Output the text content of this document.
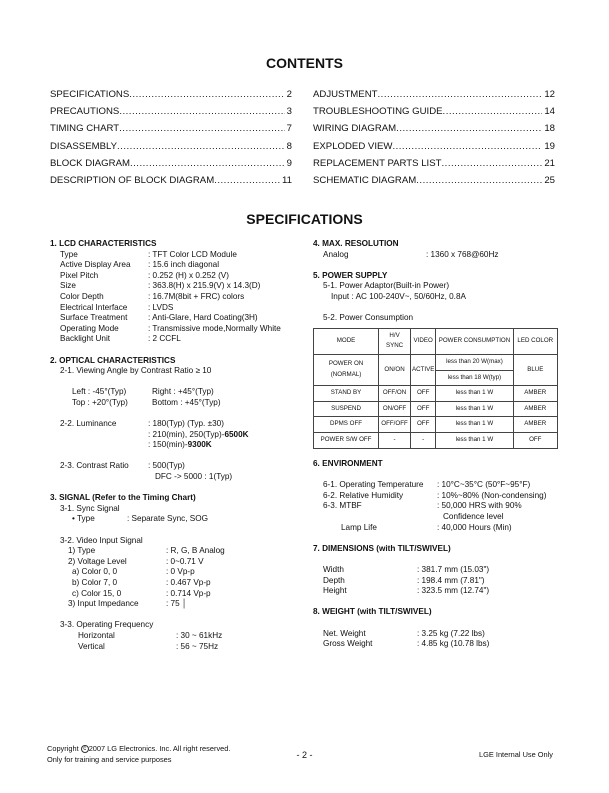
CONTENTS
SPECIFICATIONS .....	2
PRECAUTIONS .....	3
TIMING CHART .....	7
DISASSEMBLY .....	8
BLOCK DIAGRAM .....	9
DESCRIPTION OF BLOCK DIAGRAM .....	11
ADJUSTMENT .....	12
TROUBLESHOOTING GUIDE .....	14
WIRING DIAGRAM .....	18
EXPLODED VIEW .....	19
REPLACEMENT PARTS LIST .....	21
SCHEMATIC DIAGRAM .....	25
SPECIFICATIONS
1. LCD CHARACTERISTICS
Type	: TFT Color LCD Module
Active Display Area	: 15.6 inch diagonal
Pixel Pitch	: 0.252 (H) x 0.252 (V)
Size	: 363.8(H) x 215.9(V) x 14.3(D)
Color Depth	: 16.7M(8bit + FRC) colors
Electrical Interface	: LVDS
Surface Treatment	: Anti-Glare, Hard Coating(3H)
Operating Mode	: Transmissive mode,Normally White
Backlight Unit	: 2 CCFL
2. OPTICAL CHARACTERISTICS
2-1. Viewing Angle by Contrast Ratio ≥ 10
Left : -45°(Typ)	Right : +45°(Typ)
Top : +20°(Typ)	Bottom : +45°(Typ)
2-2. Luminance	: 180(Typ) (Typ. ±30)
: 210(min), 250(Typ)-6500K
: 150(min)-9300K
2-3. Contrast Ratio	: 500(Typ)
DFC -> 5000 : 1(Typ)
3. SIGNAL (Refer to the Timing Chart)
3-1. Sync Signal
• Type	: Separate Sync, SOG
3-2. Video Input Signal
1) Type	: R, G, B Analog
2) Voltage Level	: 0~0.71 V
a) Color 0, 0	: 0 Vp-p
b) Color 7, 0	: 0.467 Vp-p
c) Color 15, 0	: 0.714 Vp-p
3) Input Impedance	: 75 │
3-3. Operating Frequency
Horizontal	: 30 ~ 61kHz
Vertical	: 56 ~ 75Hz
4. MAX. RESOLUTION
Analog	: 1360 x 768@60Hz
5. POWER SUPPLY
5-1. Power Adaptor(Built-in Power)
Input : AC 100-240V~, 50/60Hz, 0.8A
5-2. Power Consumption
MODE	H/V SYNC	VIDEO	POWER CONSUMPTION	LED COLOR
POWER ON (NORMAL)	ON/ON	ACTIVE	less than 20 W(max)	BLUE
			less than 18 W(typ)	
STAND BY	OFF/ON	OFF	less than 1 W	AMBER
SUSPEND	ON/OFF	OFF	less than 1 W	AMBER
DPMS OFF	OFF/OFF	OFF	less than 1 W	AMBER
POWER S/W OFF	-	-	less than 1 W	OFF
6. ENVIRONMENT
6-1. Operating Temperature	: 10°C~35°C (50°F~95°F)
6-2. Relative Humidity	: 10%~80% (Non-condensing)
6-3. MTBF	: 50,000 HRS with 90%
Confidence level
Lamp Life	: 40,000 Hours (Min)
7. DIMENSIONS (with TILT/SWIVEL)
Width	: 381.7 mm (15.03")
Depth	: 198.4 mm (7.81")
Height	: 323.5 mm (12.74")
8. WEIGHT (with TILT/SWIVEL)
Net. Weight	: 3.25 kg (7.22 lbs)
Gross Weight	: 4.85 kg (10.78 lbs)
Copyright c 2007 LG Electronics. Inc. All right reserved.
Only for training and service purposes	- 2 -	LGE Internal Use Only
